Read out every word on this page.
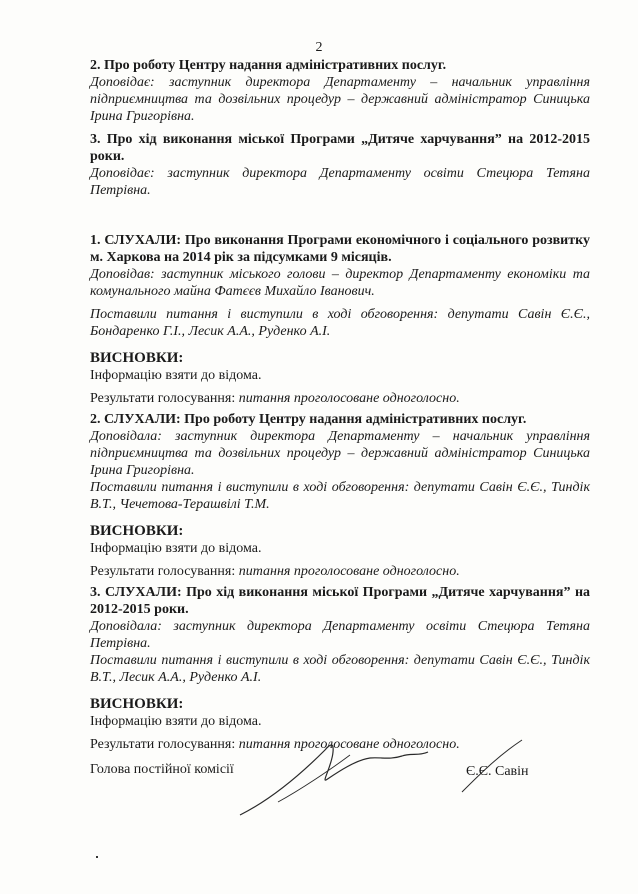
2

2. Про роботу Центру надання адміністративних послуг.

Доповідає: заступник директора Департаменту – начальник управління підприємництва та дозвільних процедур – державний адміністратор Синицька Ірина Григорівна.

3. Про хід виконання міської Програми „Дитяче харчування” на 2012-2015 роки.

Доповідає: заступник директора Департаменту освіти Стецюра Тетяна Петрівна.

1. СЛУХАЛИ: Про виконання Програми економічного і соціального розвитку м. Харкова на 2014 рік за підсумками 9 місяців.

Доповідав: заступник міського голови – директор Департаменту економіки та комунального майна Фатєєв Михайло Іванович.

Поставили питання і виступили в ході обговорення: депутати Савін Є.Є., Бондаренко Г.І., Лесик А.А., Руденко А.І.

ВИСНОВКИ:

Інформацію взяти до відома.

Результати голосування: питання проголосоване одноголосно.

2. СЛУХАЛИ: Про роботу Центру надання адміністративних послуг.

Доповідала: заступник директора Департаменту – начальник управління підприємництва та дозвільних процедур – державний адміністратор Синицька Ірина Григорівна.

Поставили питання і виступили в ході обговорення: депутати Савін Є.Є., Тиндік В.Т., Чечетова-Терашвілі Т.М.

ВИСНОВКИ:

Інформацію взяти до відома.

Результати голосування: питання проголосоване одноголосно.

3. СЛУХАЛИ: Про хід виконання міської Програми „Дитяче харчування” на 2012-2015 роки.

Доповідала: заступник директора Департаменту освіти Стецюра Тетяна Петрівна.

Поставили питання і виступили в ході обговорення: депутати Савін Є.Є., Тиндік В.Т., Лесик А.А., Руденко А.І.

ВИСНОВКИ:

Інформацію взяти до відома.

Результати голосування: питання проголосоване одноголосно.

Голова постійної комісії	Є.Є. Савін
